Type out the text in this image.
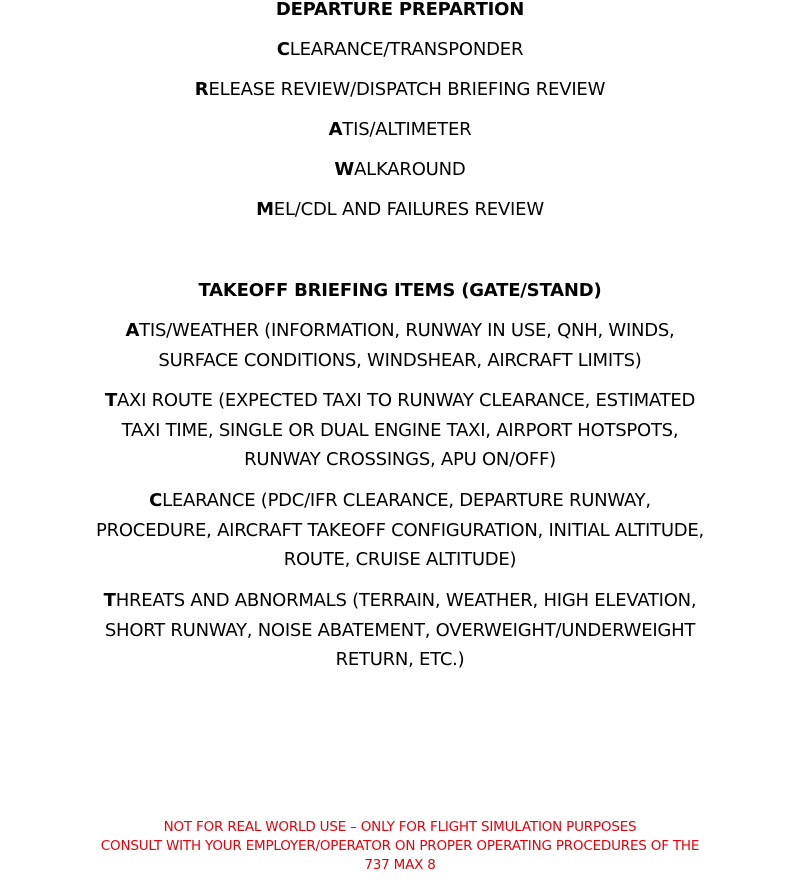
DEPARTURE PREPARTION
CLEARANCE/TRANSPONDER
RELEASE REVIEW/DISPATCH BRIEFING REVIEW
ATIS/ALTIMETER
WALKAROUND
MEL/CDL AND FAILURES REVIEW
TAKEOFF BRIEFING ITEMS (GATE/STAND)
ATIS/WEATHER (INFORMATION, RUNWAY IN USE, QNH, WINDS, SURFACE CONDITIONS, WINDSHEAR, AIRCRAFT LIMITS)
TAXI ROUTE (EXPECTED TAXI TO RUNWAY CLEARANCE, ESTIMATED TAXI TIME, SINGLE OR DUAL ENGINE TAXI, AIRPORT HOTSPOTS, RUNWAY CROSSINGS, APU ON/OFF)
CLEARANCE (PDC/IFR CLEARANCE, DEPARTURE RUNWAY, PROCEDURE, AIRCRAFT TAKEOFF CONFIGURATION, INITIAL ALTITUDE, ROUTE, CRUISE ALTITUDE)
THREATS AND ABNORMALS (TERRAIN, WEATHER, HIGH ELEVATION, SHORT RUNWAY, NOISE ABATEMENT, OVERWEIGHT/UNDERWEIGHT RETURN, ETC.)
NOT FOR REAL WORLD USE – ONLY FOR FLIGHT SIMULATION PURPOSES
CONSULT WITH YOUR EMPLOYER/OPERATOR ON PROPER OPERATING PROCEDURES OF THE 737 MAX 8
